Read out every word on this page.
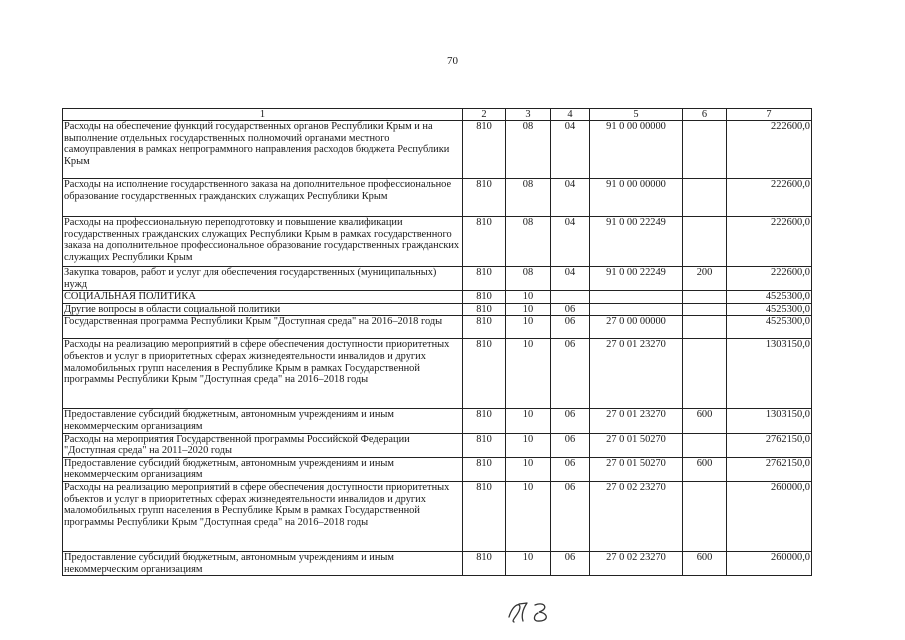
70
1	2	3	4	5	6	7
Расходы на обеспечение функций государственных органов Республики Крым и на выполнение отдельных государственных полномочий органами местного самоуправления в рамках непрограммного направления расходов бюджета Республики Крым	810	08	04	91 0 00 00000		222600,0
Расходы на исполнение государственного заказа на дополнительное профессиональное образование государственных гражданских служащих Республики Крым	810	08	04	91 0 00 00000		222600,0
Расходы на профессиональную переподготовку и повышение квалификации государственных гражданских служащих Республики Крым в рамках государственного заказа на дополнительное профессиональное образование государственных гражданских служащих Республики Крым	810	08	04	91 0 00 22249		222600,0
Закупка товаров, работ и услуг для обеспечения государственных (муниципальных) нужд	810	08	04	91 0 00 22249	200	222600,0
СОЦИАЛЬНАЯ ПОЛИТИКА	810	10				4525300,0
Другие вопросы в области социальной политики	810	10	06			4525300,0
Государственная программа Республики Крым "Доступная среда" на 2016–2018 годы	810	10	06	27 0 00 00000		4525300,0
Расходы на реализацию мероприятий в сфере обеспечения доступности приоритетных объектов и услуг в приоритетных сферах жизнедеятельности инвалидов и других маломобильных групп населения в Республике Крым в рамках Государственной программы Республики Крым "Доступная среда" на 2016–2018 годы	810	10	06	27 0 01 23270		1303150,0
Предоставление субсидий бюджетным, автономным учреждениям и иным некоммерческим организациям	810	10	06	27 0 01 23270	600	1303150,0
Расходы на мероприятия Государственной программы Российской Федерации "Доступная среда" на 2011–2020 годы	810	10	06	27 0 01 50270		2762150,0
Предоставление субсидий бюджетным, автономным учреждениям и иным некоммерческим организациям	810	10	06	27 0 01 50270	600	2762150,0
Расходы на реализацию мероприятий в сфере обеспечения доступности приоритетных объектов и услуг в приоритетных сферах жизнедеятельности инвалидов и других маломобильных групп населения в Республике Крым в рамках Государственной программы Республики Крым "Доступная среда" на 2016–2018 годы	810	10	06	27 0 02 23270		260000,0
Предоставление субсидий бюджетным, автономным учреждениям и иным некоммерческим организациям	810	10	06	27 0 02 23270	600	260000,0
